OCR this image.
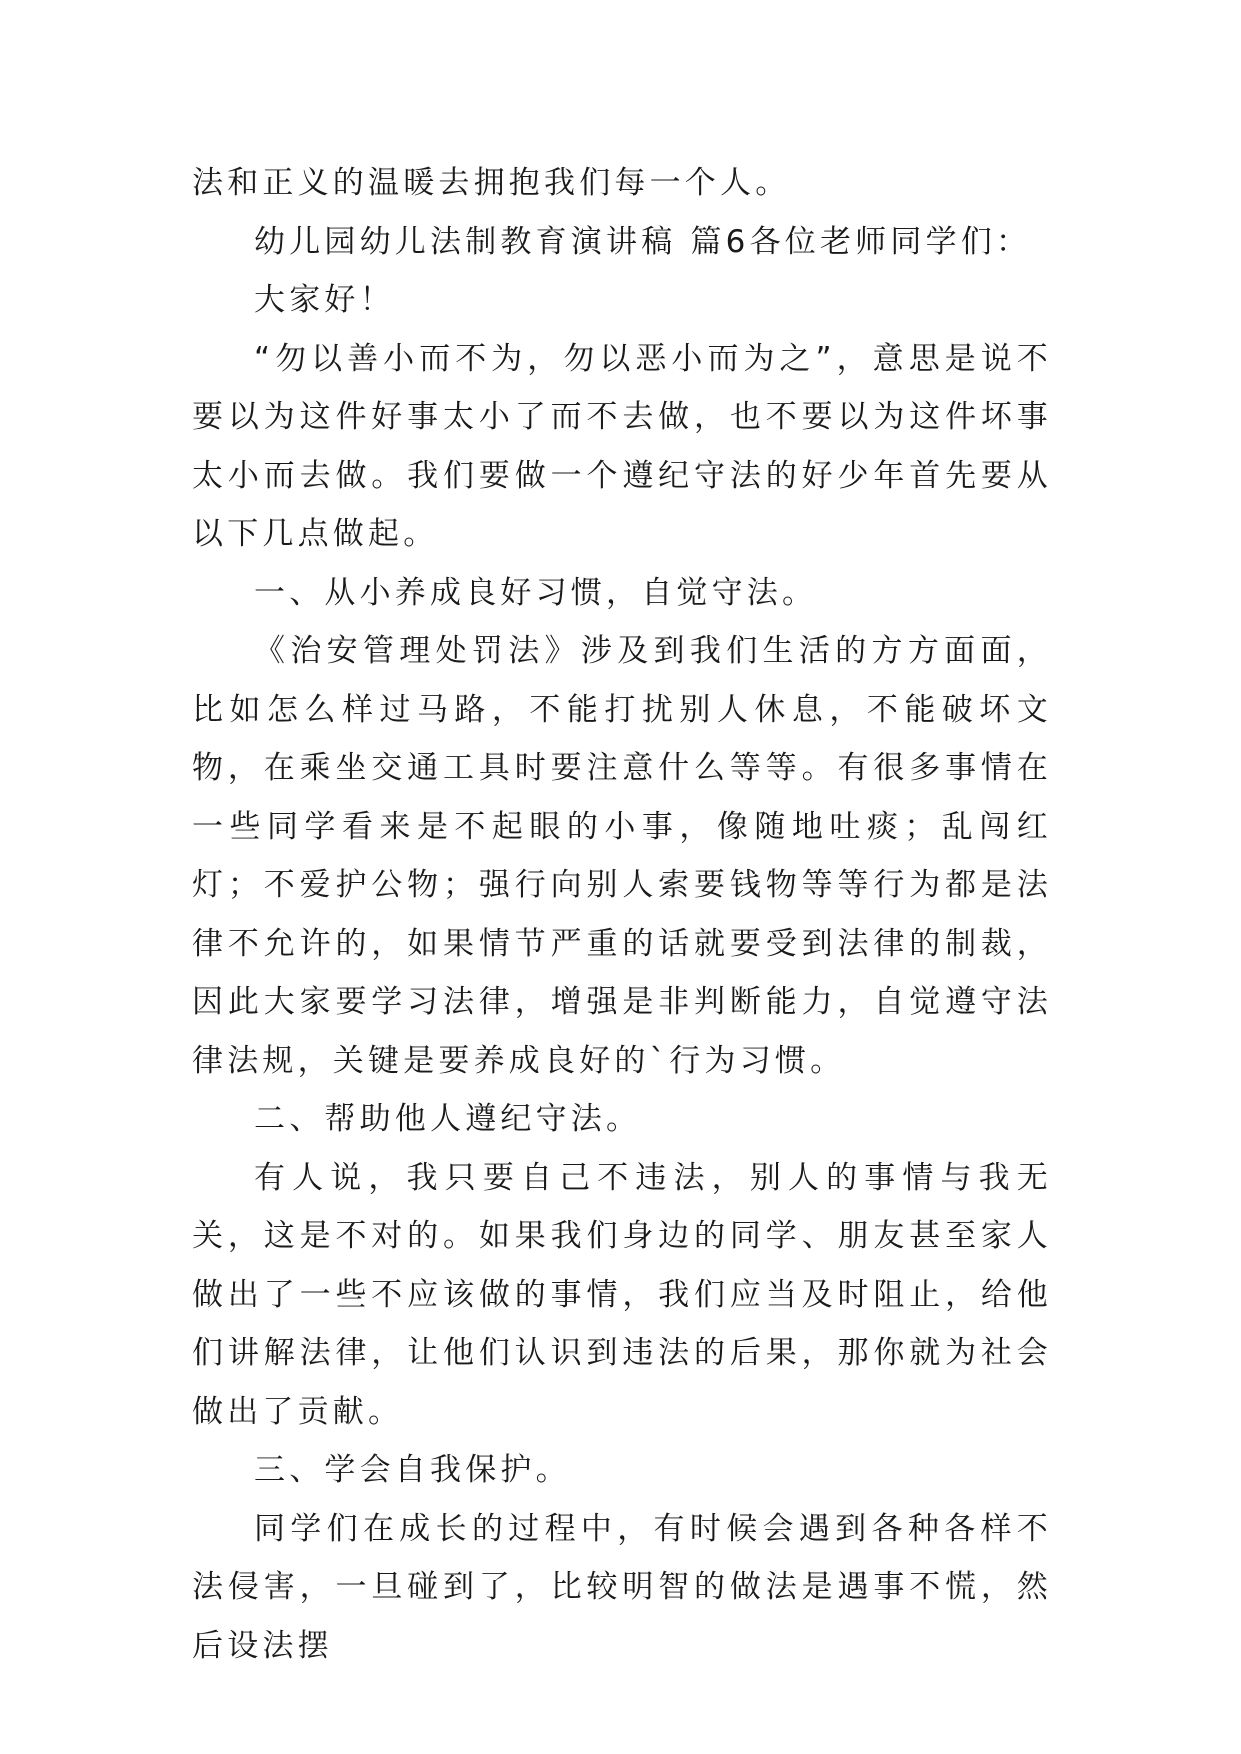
法和正义的温暖去拥抱我们每一个人。

幼儿园幼儿法制教育演讲稿 篇6各位老师同学们：

大家好！

“勿以善小而不为，勿以恶小而为之”，意思是说不要以为这件好事太小了而不去做，也不要以为这件坏事太小而去做。我们要做一个遵纪守法的好少年首先要从以下几点做起。

一、从小养成良好习惯，自觉守法。

《治安管理处罚法》涉及到我们生活的方方面面，比如怎么样过马路，不能打扰别人休息，不能破坏文物，在乘坐交通工具时要注意什么等等。有很多事情在一些同学看来是不起眼的小事，像随地吐痰；乱闯红灯；不爱护公物；强行向别人索要钱物等等行为都是法律不允许的，如果情节严重的话就要受到法律的制裁，因此大家要学习法律，增强是非判断能力，自觉遵守法律法规，关键是要养成良好的`行为习惯。

二、帮助他人遵纪守法。

有人说，我只要自己不违法，别人的事情与我无关，这是不对的。如果我们身边的同学、朋友甚至家人做出了一些不应该做的事情，我们应当及时阻止，给他们讲解法律，让他们认识到违法的后果，那你就为社会做出了贡献。

三、学会自我保护。

同学们在成长的过程中，有时候会遇到各种各样不法侵害，一旦碰到了，比较明智的做法是遇事不慌，然后设法摆
